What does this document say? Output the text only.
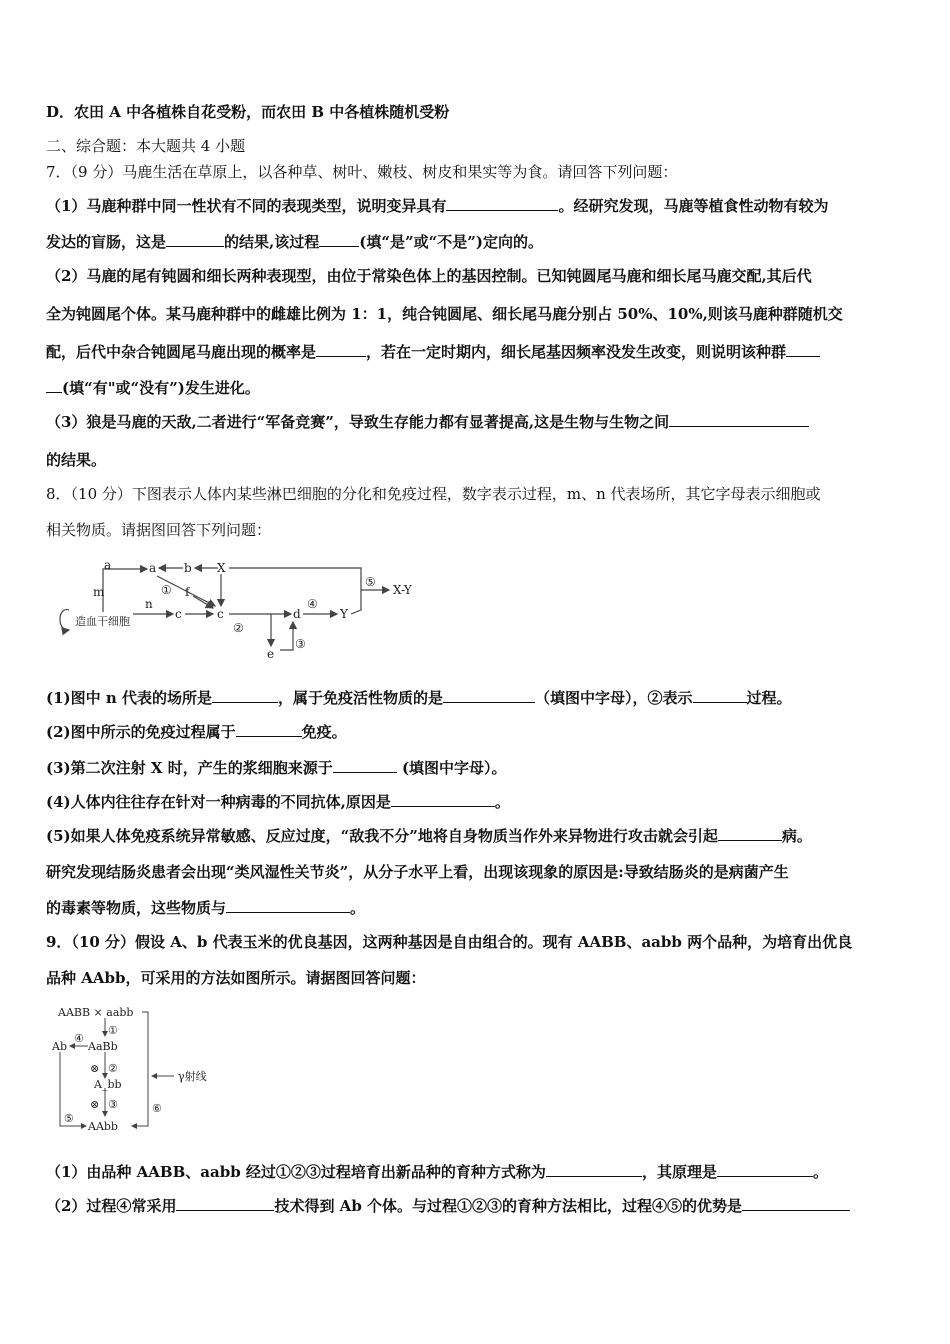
D．农田 A 中各植株自花受粉，而农田 B 中各植株随机受粉
二、综合题：本大题共 4 小题
7．（9 分）马鹿生活在草原上，以各种草、树叶、嫩枝、树皮和果实等为食。请回答下列问题：
（1）马鹿种群中同一性状有不同的表现类型，说明变异具有	。经研究发现，马鹿等植食性动物有较为
发达的盲肠，这是	的结果,该过程	(填“是”或“不是”)定向的。
（2）马鹿的尾有钝圆和细长两种表现型，由位于常染色体上的基因控制。已知钝圆尾马鹿和细长尾马鹿交配,其后代
全为钝圆尾个体。某马鹿种群中的雌雄比例为 1：1，纯合钝圆尾、细长尾马鹿分别占 50%、10%,则该马鹿种群随机交
配，后代中杂合钝圆尾马鹿出现的概率是	，若在一定时期内，细长尾基因频率没发生改变，则说明该种群
(填“有"或“没有”)发生进化。
（3）狼是马鹿的天敌,二者进行“军备竞赛”，导致生存能力都有显著提高,这是生物与生物之间
的结果。
8．（10 分）下图表示人体内某些淋巴细胞的分化和免疫过程，数字表示过程，m、n 代表场所，其它字母表示细胞或
相关物质。请据图回答下列问题：
造血干细胞
a	a b X
m
n
c	c	d
e
f
Y
①
②
③
④
⑤
X-Y
(1)图中 n 代表的场所是	，属于免疫活性物质的是	（填图中字母），②表示	过程。
(2)图中所示的免疫过程属于	免疫。
(3)第二次注射 X 时，产生的浆细胞来源于	(填图中字母）。
(4)人体内往往存在针对一种病毒的不同抗体,原因是	。
(5)如果人体免疫系统异常敏感、反应过度，“敌我不分”地将自身物质当作外来异物进行攻击就会引起	病。
研究发现结肠炎患者会出现“类风湿性关节炎”，从分子水平上看，出现该现象的原因是:导致结肠炎的是病菌产生
的毒素等物质，这些物质与	。
9．（10 分）假设 A、b 代表玉米的优良基因，这两种基因是自由组合的。现有 AABB、aabb 两个品种，为培育出优良
品种 AAbb，可采用的方法如图所示。请据图回答问题：
AABB × aabb
AaBb
Ab
A_bb
AAbb
γ射线
①
④
⊗ ②
⊗ ③
⑤
⑥
（1）由品种 AABB、aabb 经过①②③过程培育出新品种的育种方式称为	，其原理是	。
（2）过程④常采用	技术得到 Ab 个体。与过程①②③的育种方法相比，过程④⑤的优势是
